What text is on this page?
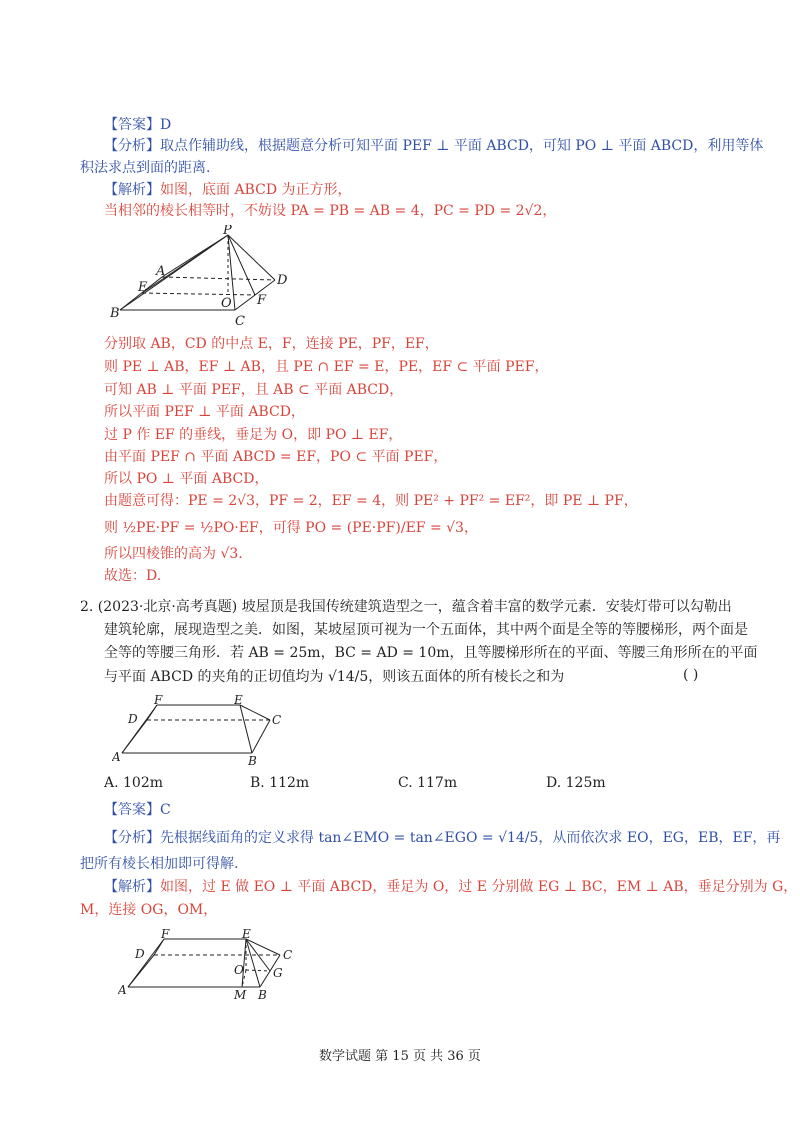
【答案】D
【分析】取点作辅助线，根据题意分析可知平面 PEF ⊥ 平面 ABCD，可知 PO ⊥ 平面 ABCD，利用等体
积法求点到面的距离.
【解析】如图，底面 ABCD 为正方形，
当相邻的棱长相等时，不妨设 PA = PB = AB = 4，PC = PD = 2√2，
P
A
D
E
O F
B
C
分别取 AB，CD 的中点 E，F，连接 PE，PF，EF，
则 PE ⊥ AB，EF ⊥ AB，且 PE ∩ EF = E，PE，EF ⊂ 平面 PEF，
可知 AB ⊥ 平面 PEF，且 AB ⊂ 平面 ABCD，
所以平面 PEF ⊥ 平面 ABCD，
过 P 作 EF 的垂线，垂足为 O，即 PO ⊥ EF，
由平面 PEF ∩ 平面 ABCD = EF，PO ⊂ 平面 PEF，
所以 PO ⊥ 平面 ABCD，
由题意可得：PE = 2√3，PF = 2，EF = 4，则 PE² + PF² = EF²，即 PE ⊥ PF，
则 ½PE·PF = ½PO·EF，可得 PO = (PE·PF)/EF = √3，
所以四棱锥的高为 √3.
故选：D.
2. (2023·北京·高考真题) 坡屋顶是我国传统建筑造型之一，蕴含着丰富的数学元素．安装灯带可以勾勒出
建筑轮廓，展现造型之美．如图，某坡屋顶可视为一个五面体，其中两个面是全等的等腰梯形，两个面是
全等的等腰三角形．若 AB = 25m，BC = AD = 10m，且等腰梯形所在的平面、等腰三角形所在的平面
与平面 ABCD 的夹角的正切值均为 √14/5，则该五面体的所有棱长之和为	( )
F	E
D	C
A	B
A. 102m	B. 112m	C. 117m	D. 125m
【答案】C
【分析】先根据线面角的定义求得 tan∠EMO = tan∠EGO = √14/5，从而依次求 EO，EG，EB，EF，再
把所有棱长相加即可得解.
【解析】如图，过 E 做 EO ⊥ 平面 ABCD，垂足为 O，过 E 分别做 EG ⊥ BC，EM ⊥ AB，垂足分别为 G，
M，连接 OG，OM，
F	E
D	C
O G
A	M B
数学试题 第 15 页 共 36 页
